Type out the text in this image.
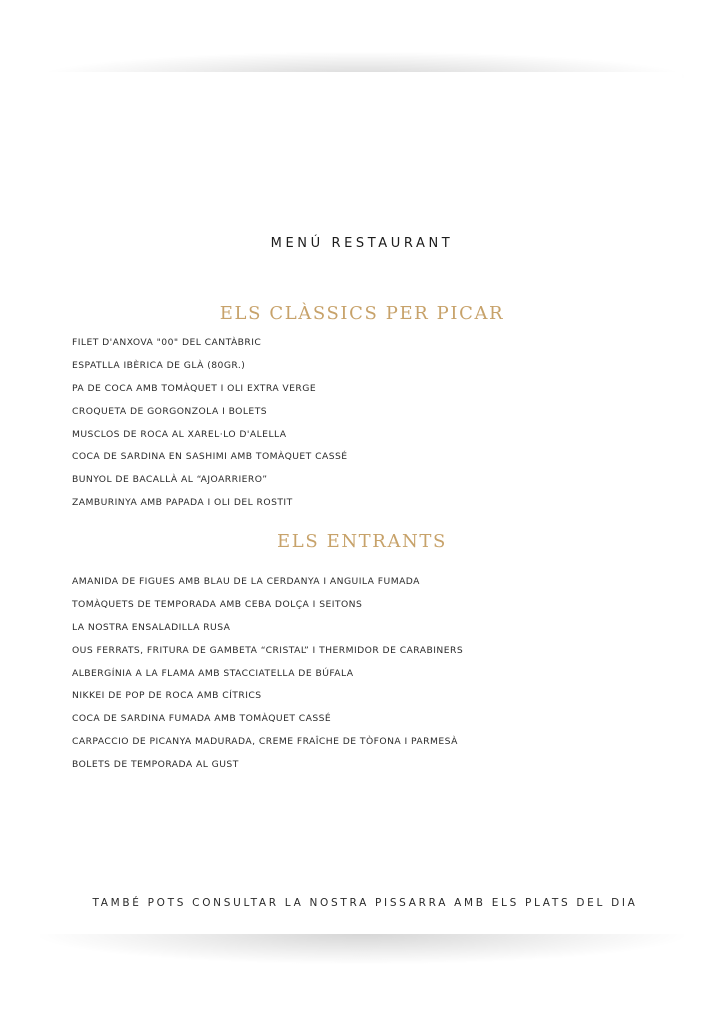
MENÚ RESTAURANT
ELS CLÀSSICS PER PICAR
FILET D'ANXOVA "00" DEL CANTÀBRIC
ESPATLLA IBÈRICA DE GLÀ (80GR.)
PA DE COCA AMB TOMÀQUET I OLI EXTRA VERGE
CROQUETA DE GORGONZOLA I BOLETS
MUSCLOS DE ROCA AL XAREL·LO D'ALELLA
COCA DE SARDINA EN SASHIMI AMB TOMÀQUET CASSÉ
BUNYOL DE BACALLÀ AL “AJOARRIERO”
ZAMBURINYA AMB PAPADA I OLI DEL ROSTIT
ELS ENTRANTS
AMANIDA DE FIGUES AMB BLAU DE LA CERDANYA I ANGUILA FUMADA
TOMÀQUETS DE TEMPORADA AMB CEBA DOLÇA I SEITONS
LA NOSTRA ENSALADILLA RUSA
OUS FERRATS, FRITURA DE GAMBETA “CRISTAL” I THERMIDOR DE CARABINERS
ALBERGÍNIA A LA FLAMA AMB STACCIATELLA DE BÚFALA
NIKKEI DE POP DE ROCA AMB CÍTRICS
COCA DE SARDINA FUMADA AMB TOMÀQUET CASSÉ
CARPACCIO DE PICANYA MADURADA, CREME FRAÎCHE DE TÒFONA I PARMESÀ
BOLETS DE TEMPORADA AL GUST
TAMBÉ POTS CONSULTAR LA NOSTRA PISSARRA AMB ELS PLATS DEL DIA
